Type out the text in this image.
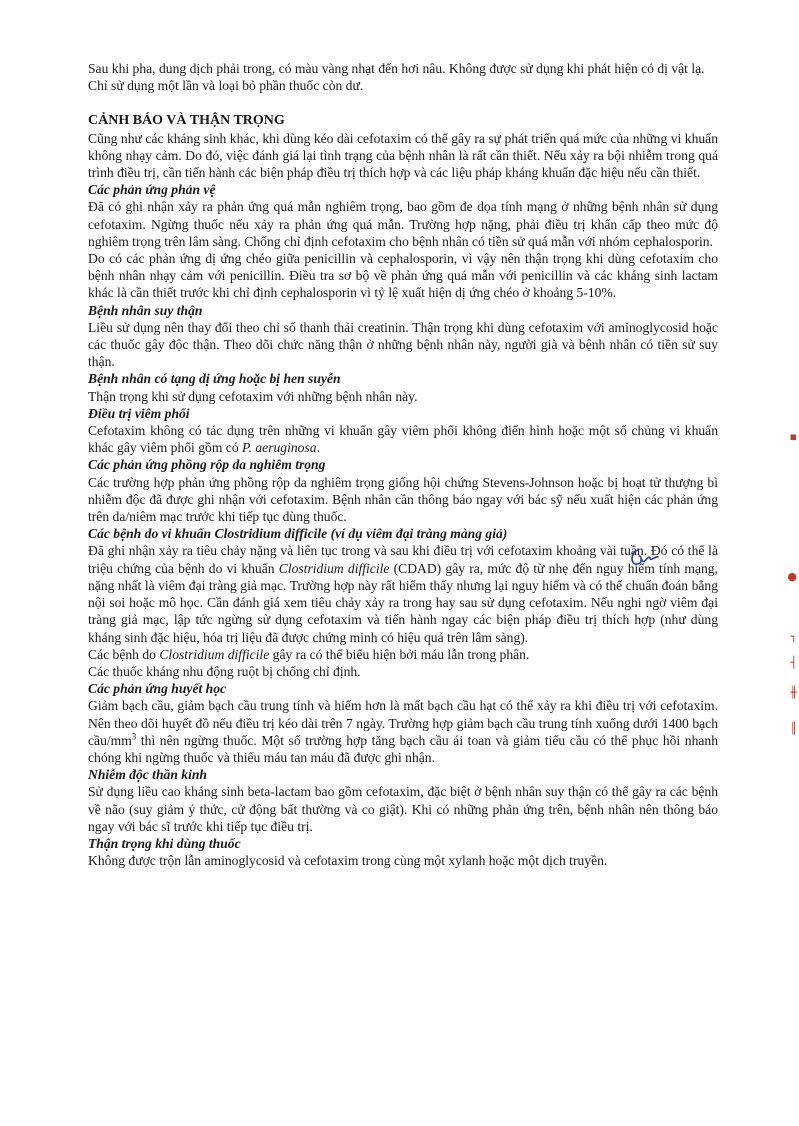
Sau khi pha, dung dịch phải trong, có màu vàng nhạt đến hơi nâu. Không được sử dụng khi phát hiện có dị vật lạ.

Chỉ sử dụng một lần và loại bỏ phần thuốc còn dư.

CẢNH BÁO VÀ THẬN TRỌNG

Cũng như các kháng sinh khác, khi dùng kéo dài cefotaxim có thể gây ra sự phát triển quá mức của những vi khuẩn không nhạy cảm. Do đó, việc đánh giá lại tình trạng của bệnh nhân là rất cần thiết. Nếu xảy ra bội nhiễm trong quá trình điều trị, cần tiến hành các biện pháp điều trị thích hợp và các liệu pháp kháng khuẩn đặc hiệu nếu cần thiết.

Các phản ứng phản vệ

Đã có ghi nhận xảy ra phản ứng quá mẫn nghiêm trọng, bao gồm đe dọa tính mạng ở những bệnh nhân sử dụng cefotaxim. Ngừng thuốc nếu xảy ra phản ứng quá mẫn. Trường hợp nặng, phải điều trị khẩn cấp theo mức độ nghiêm trọng trên lâm sàng. Chống chỉ định cefotaxim cho bệnh nhân có tiền sử quá mẫn với nhóm cephalosporin.

Do có các phản ứng dị ứng chéo giữa penicillin và cephalosporin, vì vậy nên thận trọng khi dùng cefotaxim cho bệnh nhân nhạy cảm với penicillin. Điều tra sơ bộ về phản ứng quá mẫn với penicillin và các kháng sinh lactam khác là cần thiết trước khi chỉ định cephalosporin vì tỷ lệ xuất hiện dị ứng chéo ở khoảng 5-10%.

Bệnh nhân suy thận

Liều sử dụng nên thay đổi theo chỉ số thanh thải creatinin. Thận trọng khi dùng cefotaxim với aminoglycosid hoặc các thuốc gây độc thận. Theo dõi chức năng thận ở những bệnh nhân này, người già và bệnh nhân có tiền sử suy thận.

Bệnh nhân có tạng dị ứng hoặc bị hen suyễn

Thận trọng khi sử dụng cefotaxim với những bệnh nhân này.

Điều trị viêm phổi

Cefotaxim không có tác dụng trên những vi khuẩn gây viêm phổi không điển hình hoặc một số chủng vi khuẩn khác gây viêm phổi gồm có P. aeruginosa.

Các phản ứng phồng rộp da nghiêm trọng

Các trường hợp phản ứng phồng rộp da nghiêm trọng giống hội chứng Stevens-Johnson hoặc bị hoạt tử thượng bì nhiễm độc đã được ghi nhận với cefotaxim. Bệnh nhân cần thông báo ngay với bác sỹ nếu xuất hiện các phản ứng trên da/niêm mạc trước khi tiếp tục dùng thuốc.

Các bệnh do vi khuẩn Clostridium difficile (ví dụ viêm đại tràng màng giả)

Đã ghi nhận xảy ra tiêu chảy nặng và liên tục trong và sau khi điều trị với cefotaxim khoảng vài tuần. Đó có thể là triệu chứng của bệnh do vi khuẩn Clostridium difficile (CDAD) gây ra, mức độ từ nhẹ đến nguy hiểm tính mạng, nặng nhất là viêm đại tràng giả mạc. Trường hợp này rất hiếm thấy nhưng lại nguy hiểm và có thể chuẩn đoán bằng nội soi hoặc mô học. Cần đánh giá xem tiêu chảy xảy ra trong hay sau sử dụng cefotaxim. Nếu nghi ngờ viêm đại tràng giả mạc, lập tức ngừng sử dụng cefotaxim và tiến hành ngay các biện pháp điều trị thích hợp (như dùng kháng sinh đặc hiệu, hóa trị liệu đã được chứng minh có hiệu quả trên lâm sàng).

Các bệnh do Clostridium difficile gây ra có thể biểu hiện bởi máu lẫn trong phân.

Các thuốc kháng nhu động ruột bị chống chỉ định.

Các phản ứng huyết học

Giảm bạch cầu, giảm bạch cầu trung tính và hiếm hơn là mất bạch cầu hạt có thể xảy ra khi điều trị với cefotaxim. Nên theo dõi huyết đồ nếu điều trị kéo dài trên 7 ngày. Trường hợp giảm bạch cầu trung tính xuống dưới 1400 bạch cầu/$mm^3$ thì nên ngừng thuốc. Một số trường hợp tăng bạch cầu ái toan và giảm tiểu cầu có thể phục hồi nhanh chóng khi ngừng thuốc và thiếu máu tan máu đã được ghi nhận.

Nhiễm độc thần kinh

Sử dụng liều cao kháng sinh beta-lactam bao gồm cefotaxim, đặc biệt ở bệnh nhân suy thận có thể gây ra các bệnh về não (suy giảm ý thức, cử động bất thường và co giật). Khi có những phản ứng trên, bệnh nhân nên thông báo ngay với bác sĩ trước khi tiếp tục điều trị.

Thận trọng khi dùng thuốc

Không được trộn lẫn aminoglycosid và cefotaxim trong cùng một xylanh hoặc một dịch truyền.

▪
●
┐
┤
╫
║
